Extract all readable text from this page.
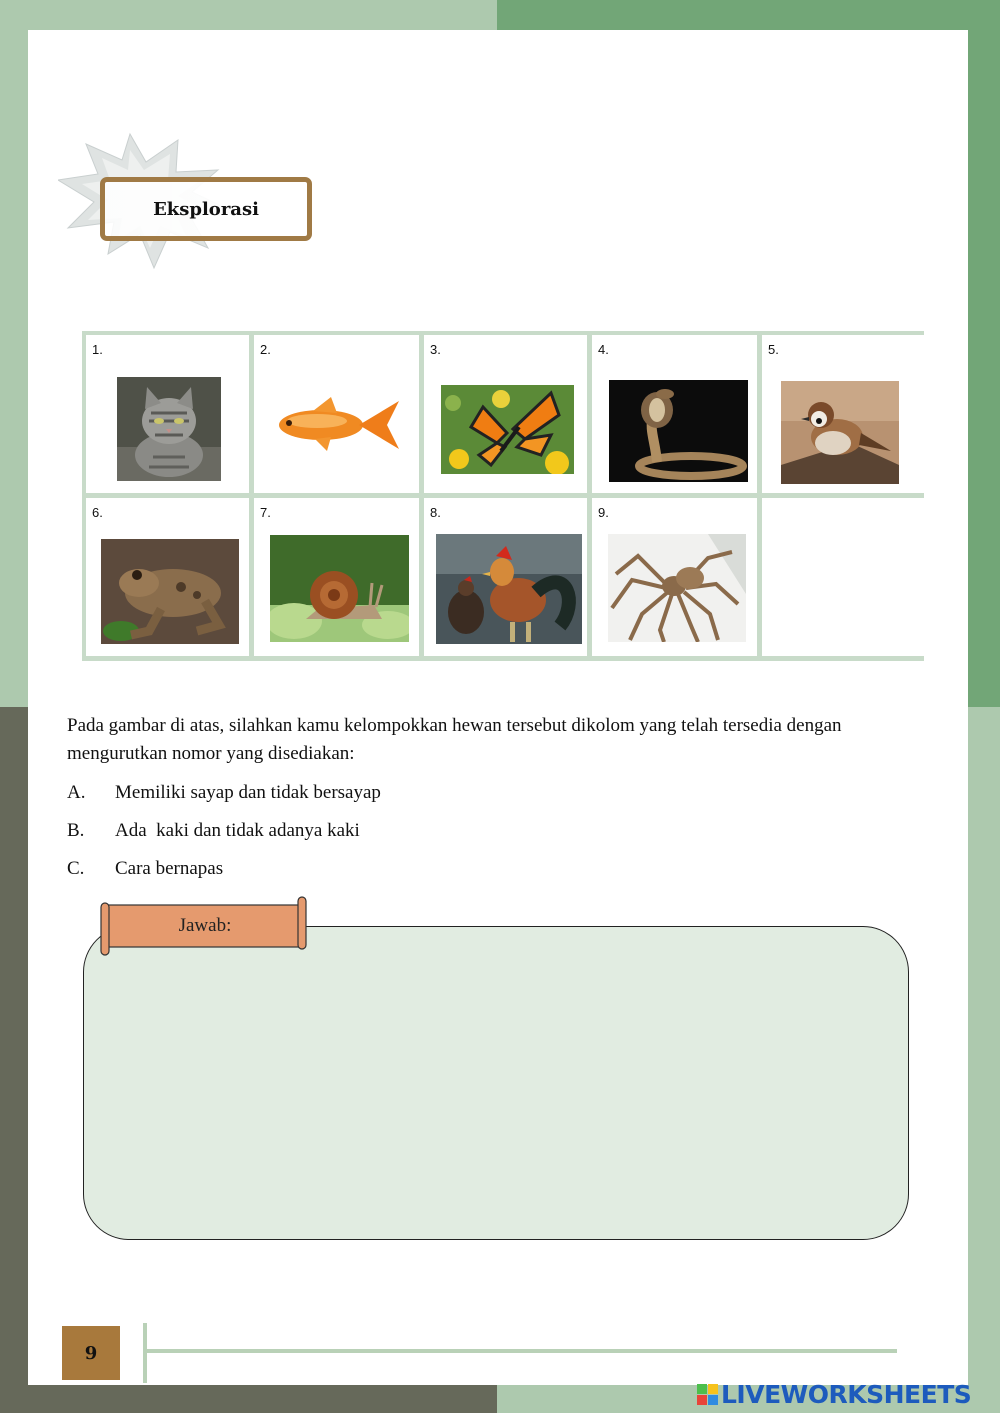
Eksplorasi
1.	2.	3.	4.	5.
6.	7.	8.	9.
Pada gambar di atas, silahkan kamu kelompokkan hewan tersebut dikolom yang telah tersedia dengan mengurutkan nomor yang disediakan:
A. Memiliki sayap dan tidak bersayap
B. Ada  kaki dan tidak adanya kaki
C. Cara bernapas
Jawab:
9
LIVEWORKSHEETS
